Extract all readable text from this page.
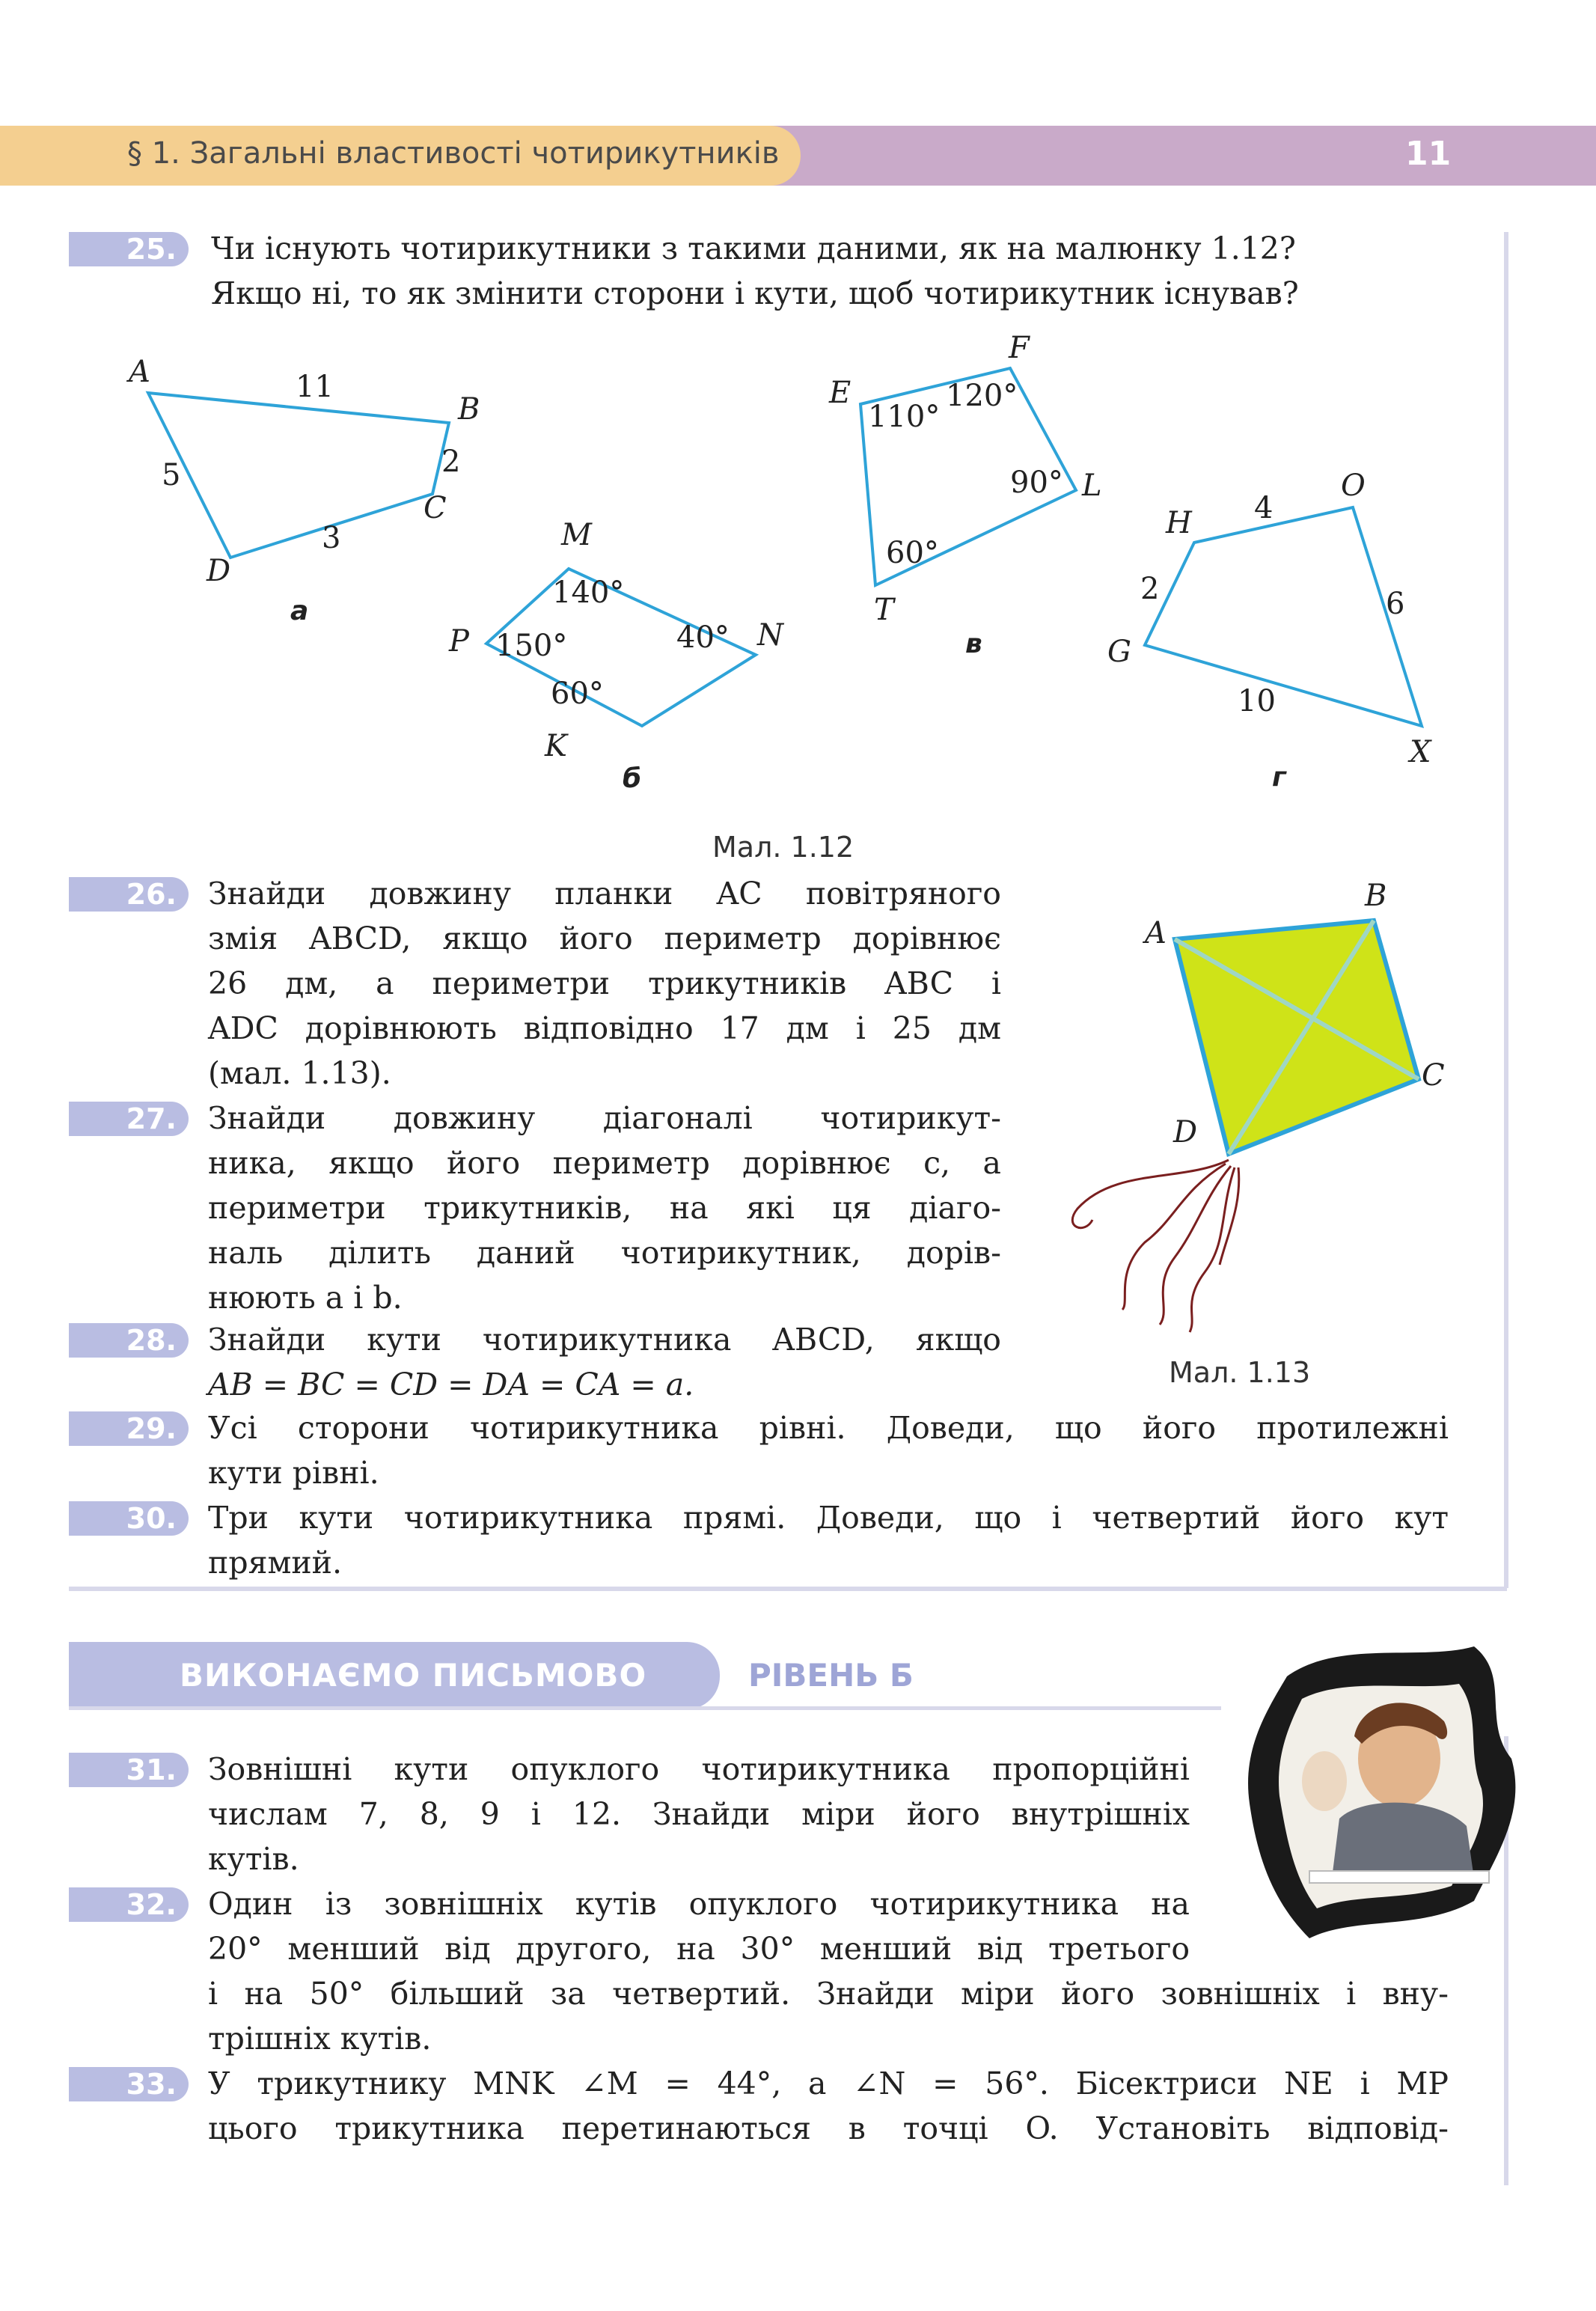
§ 1. Загальні властивості чотирикутників	11
25.	Чи існують чотирикутники з такими даними, як на малюнку 1.12?
Якщо ні, то як змінити сторони і кути, щоб чотирикутник існував?
A
B
C
D
11
2
3
5
а
M
N
K
P
140°
40°
60°
150°
б
E
F
L
T
110°
120°
90°
60°
в
H
O
X
G
4
6
10
2
г
Мал. 1.12
26.	Знайди довжину планки AC повітряного
змія ABCD, якщо його периметр дорівнює
26 дм, а периметри трикутників ABC і
ADC дорівнюють відповідно 17 дм і 25 дм
(мал. 1.13).
27.	Знайди довжину діагоналі чотирикут-
ника, якщо його периметр дорівнює c, а
периметри трикутників, на які ця діаго-
наль ділить даний чотирикутник, дорів-
нюють a і b.
28.	Знайди кути чотирикутника ABCD, якщо
AB = BC = CD = DA = CA = a.
A
B
C
D
Мал. 1.13
29.	Усі сторони чотирикутника рівні. Доведи, що його протилежні
кути рівні.
30.	Три кути чотирикутника прямі. Доведи, що і четвертий його кут
прямий.
ВИКОНАЄМО ПИСЬМОВО	РІВЕНЬ Б
31.	Зовнішні кути опуклого чотирикутника пропорційні
числам 7, 8, 9 і 12. Знайди міри його внутрішніх
кутів.
32.	Один із зовнішніх кутів опуклого чотирикутника на
20° менший від другого, на 30° менший від третього
і на 50° більший за четвертий. Знайди міри його зовнішніх і вну-
трішніх кутів.
33.	У трикутнику MNK ∠M = 44°, а ∠N = 56°. Бісектриси NE і MP
цього трикутника перетинаються в точці O. Установіть відповід-
